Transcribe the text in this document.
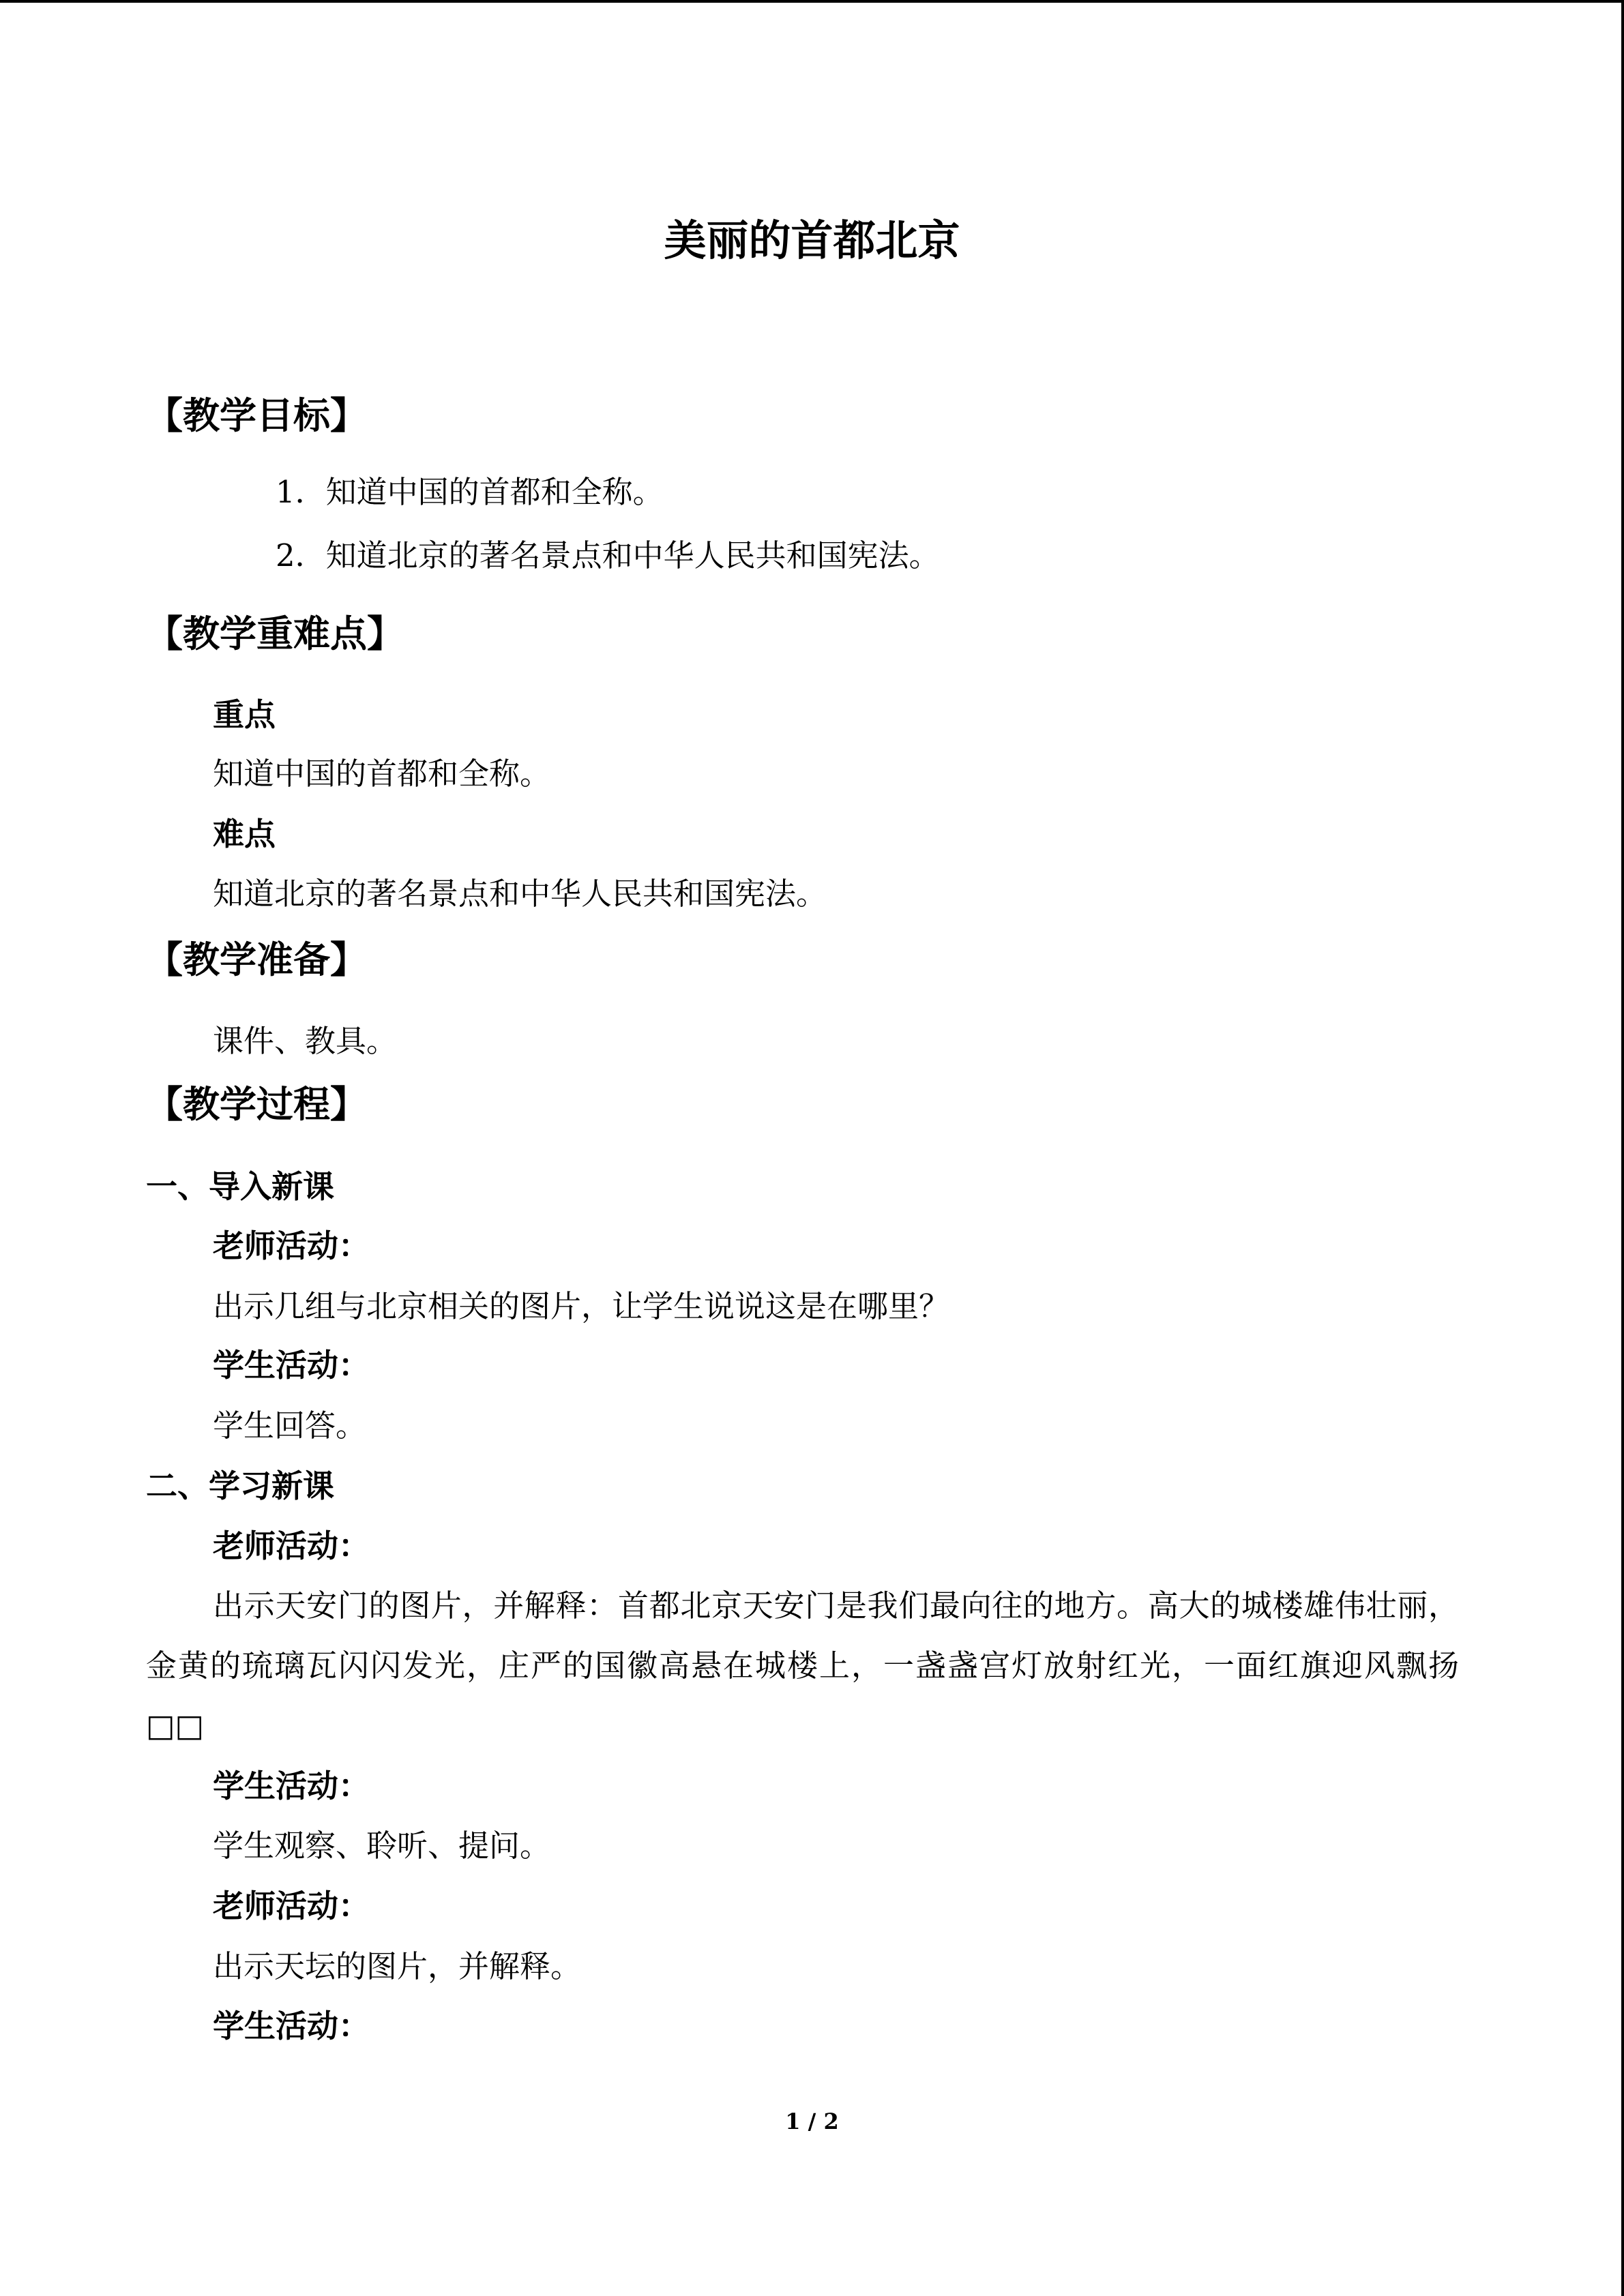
美丽的首都北京
【教学目标】
1．知道中国的首都和全称。
2．知道北京的著名景点和中华人民共和国宪法。
【教学重难点】
重点
知道中国的首都和全称。
难点
知道北京的著名景点和中华人民共和国宪法。
【教学准备】
课件、教具。
【教学过程】
一、导入新课
老师活动：
出示几组与北京相关的图片，让学生说说这是在哪里？
学生活动：
学生回答。
二、学习新课
老师活动：
出示天安门的图片，并解释：首都北京天安门是我们最向往的地方。高大的城楼雄伟壮丽，金黄的琉璃瓦闪闪发光，庄严的国徽高悬在城楼上，一盏盏宫灯放射红光，一面红旗迎风飘扬□□
学生活动：
学生观察、聆听、提问。
老师活动：
出示天坛的图片，并解释。
学生活动：
1 / 2
